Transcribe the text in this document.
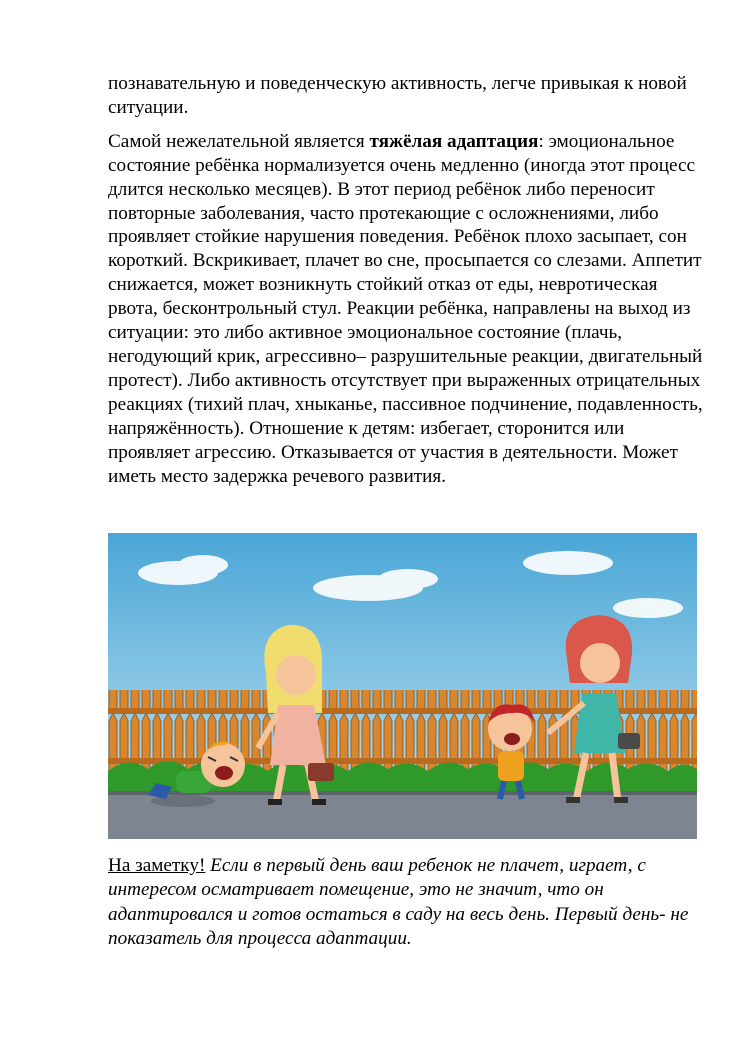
познавательную и поведенческую активность, легче привыкая к новой ситуации.

Самой нежелательной является тяжёлая адаптация: эмоциональное состояние ребёнка нормализуется очень медленно (иногда этот процесс длится несколько месяцев). В этот период ребёнок либо переносит повторные заболевания, часто протекающие с осложнениями, либо проявляет стойкие нарушения поведения. Ребёнок плохо засыпает, сон короткий. Вскрикивает, плачет во сне, просыпается со слезами. Аппетит снижается, может возникнуть стойкий отказ от еды, невротическая рвота, бесконтрольный стул. Реакции ребёнка, направлены на выход из ситуации: это либо активное эмоциональное состояние (плачь, негодующий крик, агрессивно– разрушительные реакции, двигательный протест). Либо активность отсутствует при выраженных отрицательных реакциях (тихий плач, хныканье, пассивное подчинение, подавленность, напряжённость). Отношение к детям: избегает, сторонится или проявляет агрессию. Отказывается от участия в деятельности. Может иметь место задержка речевого развития.

На заметку! Если в первый день ваш ребенок не плачет, играет, с интересом осматривает помещение, это не значит, что он адаптировался и готов остаться в саду на весь день. Первый день- не показатель для процесса адаптации.
